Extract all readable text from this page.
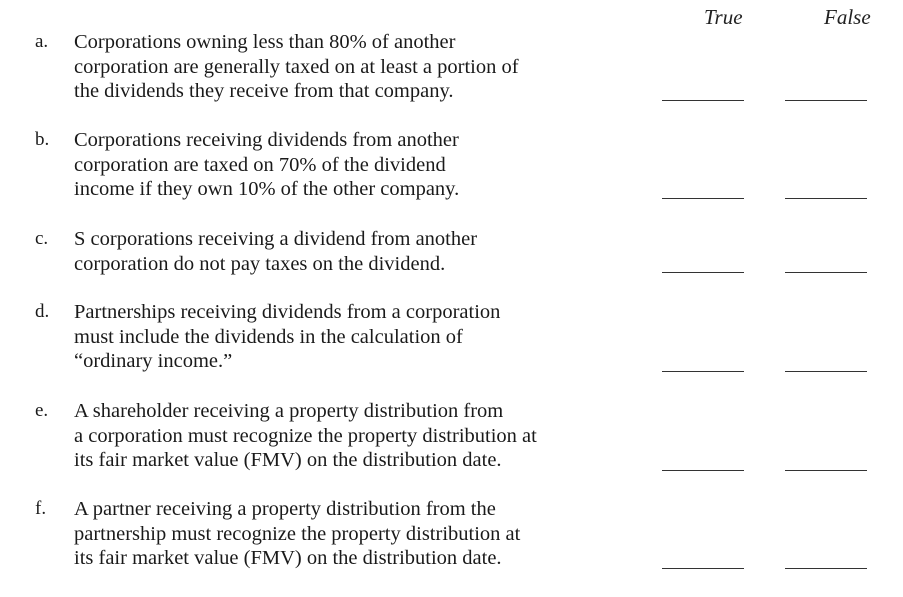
True	False
a. Corporations owning less than 80% of another
corporation are generally taxed on at least a portion of
the dividends they receive from that company.
b. Corporations receiving dividends from another
corporation are taxed on 70% of the dividend
income if they own 10% of the other company.
c. S corporations receiving a dividend from another
corporation do not pay taxes on the dividend.
d. Partnerships receiving dividends from a corporation
must include the dividends in the calculation of
“ordinary income.”
e. A shareholder receiving a property distribution from
a corporation must recognize the property distribution at
its fair market value (FMV) on the distribution date.
f. A partner receiving a property distribution from the
partnership must recognize the property distribution at
its fair market value (FMV) on the distribution date.
